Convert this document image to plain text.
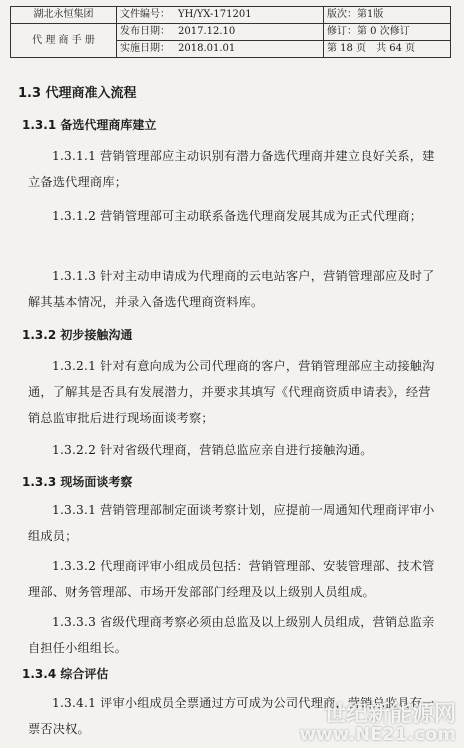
湖北永恒集团	文件编号： YH/YX-171201	版次：第1版
代 理 商 手 册	发布日期： 2017.12.10	修订：第 0 次修订
	实施日期： 2018.01.01	第 18 页　共 64 页
1.3 代理商准入流程
1.3.1 备选代理商库建立
1.3.1.1 营销管理部应主动识别有潜力备选代理商并建立良好关系，建立备选代理商库；
1.3.1.2 营销管理部可主动联系备选代理商发展其成为正式代理商；
1.3.1.3 针对主动申请成为代理商的云电站客户，营销管理部应及时了解其基本情况，并录入备选代理商资料库。
1.3.2 初步接触沟通
1.3.2.1 针对有意向成为公司代理商的客户，营销管理部应主动接触沟通，了解其是否具有发展潜力，并要求其填写《代理商资质申请表》，经营销总监审批后进行现场面谈考察；
1.3.2.2 针对省级代理商，营销总监应亲自进行接触沟通。
1.3.3 现场面谈考察
1.3.3.1 营销管理部制定面谈考察计划，应提前一周通知代理商评审小组成员；
1.3.3.2 代理商评审小组成员包括：营销管理部、安装管理部、技术管理部、财务管理部、市场开发部部门经理及以上级别人员组成。
1.3.3.3 省级代理商考察必须由总监及以上级别人员组成，营销总监亲自担任小组组长。
1.3.4 综合评估
1.3.4.1 评审小组成员全票通过方可成为公司代理商，营销总监具有一票否决权。
世纪新能源网
www.NE21.com
